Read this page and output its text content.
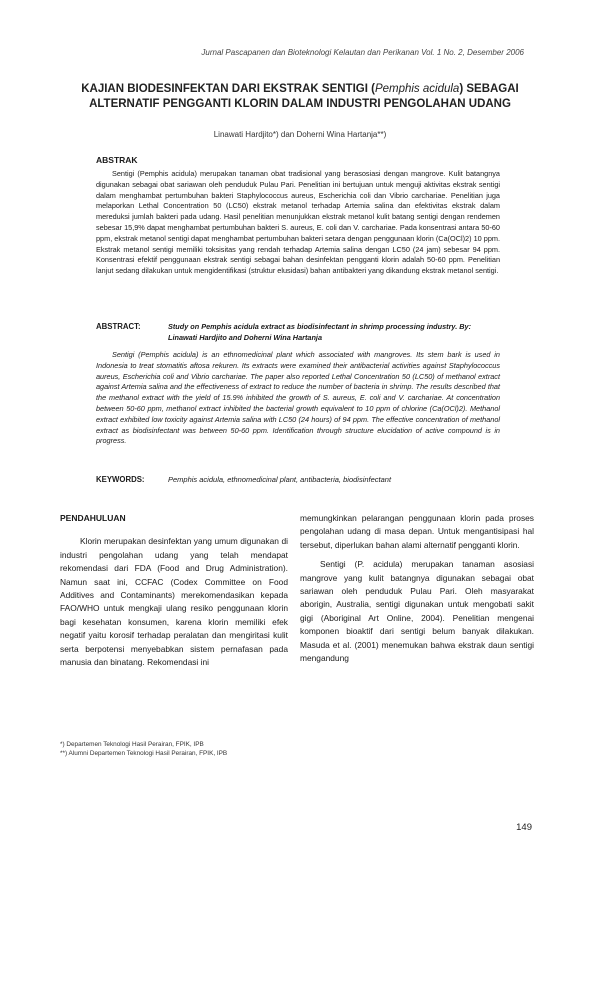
Jurnal Pascapanen dan Bioteknologi Kelautan dan Perikanan Vol. 1 No. 2, Desember 2006
KAJIAN BIODESINFEKTAN DARI EKSTRAK SENTIGI (Pemphis acidula) SEBAGAI ALTERNATIF PENGGANTI KLORIN DALAM INDUSTRI PENGOLAHAN UDANG
Linawati Hardjito*) dan Doherni Wina Hartanja**)
ABSTRAK
Sentigi (Pemphis acidula) merupakan tanaman obat tradisional yang berasosiasi dengan mangrove. Kulit batangnya digunakan sebagai obat sariawan oleh penduduk Pulau Pari. Penelitian ini bertujuan untuk menguji aktivitas ekstrak sentigi dalam menghambat pertumbuhan bakteri Staphylococcus aureus, Escherichia coli dan Vibrio carchariae. Penelitian juga melaporkan Lethal Concentration 50 (LC50) ekstrak metanol terhadap Artemia salina dan efektivitas ekstrak dalam mereduksi jumlah bakteri pada udang. Hasil penelitian menunjukkan ekstrak metanol kulit batang sentigi dengan rendemen sebesar 15,9% dapat menghambat pertumbuhan bakteri S. aureus, E. coli dan V. carchariae. Pada konsentrasi antara 50-60 ppm, ekstrak metanol sentigi dapat menghambat pertumbuhan bakteri setara dengan penggunaan klorin (Ca(OCl)2) 10 ppm. Ekstrak metanol sentigi memiliki toksisitas yang rendah terhadap Artemia salina dengan LC50 (24 jam) sebesar 94 ppm. Konsentrasi efektif penggunaan ekstrak sentigi sebagai bahan desinfektan pengganti klorin adalah 50-60 ppm. Penelitian lanjut sedang dilakukan untuk mengidentifikasi (struktur elusidasi) bahan antibakteri yang dikandung ekstrak metanol sentigi.
ABSTRACT:	Study on Pemphis acidula extract as biodisinfectant in shrimp processing industry. By: Linawati Hardjito and Doherni Wina Hartanja
Sentigi (Pemphis acidula) is an ethnomedicinal plant which associated with mangroves. Its stem bark is used in Indonesia to treat stomatitis aftosa rekuren. Its extracts were examined their antibacterial activities against Staphylococcus aureus, Escherichia coli and Vibrio carchariae. The paper also reported Lethal Concentration 50 (LC50) of methanol extract against Artemia salina and the effectiveness of extract to reduce the number of bacteria in shrimp. The results described that the methanol extract with the yield of 15.9% inhibited the growth of S. aureus, E. coli and V. carchariae. At concentration between 50-60 ppm, methanol extract inhibited the bacterial growth equivalent to 10 ppm of chlorine (Ca(OCl)2). Methanol extract exhibited low toxicity against Artemia salina with LC50 (24 hours) of 94 ppm. The effective concentration of methanol extract as biodisinfectant was between 50-60 ppm. Identification through structure elucidation of active compound is in progress.
KEYWORDS:	Pemphis acidula, ethnomedicinal plant, antibacteria, biodisinfectant
PENDAHULUAN

Klorin merupakan desinfektan yang umum digunakan di industri pengolahan udang yang telah mendapat rekomendasi dari FDA (Food and Drug Administration). Namun saat ini, CCFAC (Codex Committee on Food Additives and Contaminants) merekomendasikan kepada FAO/WHO untuk mengkaji ulang resiko penggunaan klorin bagi kesehatan konsumen, karena klorin memiliki efek negatif yaitu korosif terhadap peralatan dan mengiritasi kulit serta berpotensi menyebabkan sistem pernafasan pada manusia dan binatang. Rekomendasi ini

memungkinkan pelarangan penggunaan klorin pada proses pengolahan udang di masa depan. Untuk mengantisipasi hal tersebut, diperlukan bahan alami alternatif pengganti klorin.

Sentigi (P. acidula) merupakan tanaman asosiasi mangrove yang kulit batangnya digunakan sebagai obat sariawan oleh penduduk Pulau Pari. Oleh masyarakat aborigin, Australia, sentigi digunakan untuk mengobati sakit gigi (Aboriginal Art Online, 2004). Penelitian mengenai komponen bioaktif dari sentigi belum banyak dilakukan. Masuda et al. (2001) menemukan bahwa ekstrak daun sentigi mengandung

*) Departemen Teknologi Hasil Perairan, FPIK, IPB
**) Alumni Departemen Teknologi Hasil Perairan, FPIK, IPB
149
